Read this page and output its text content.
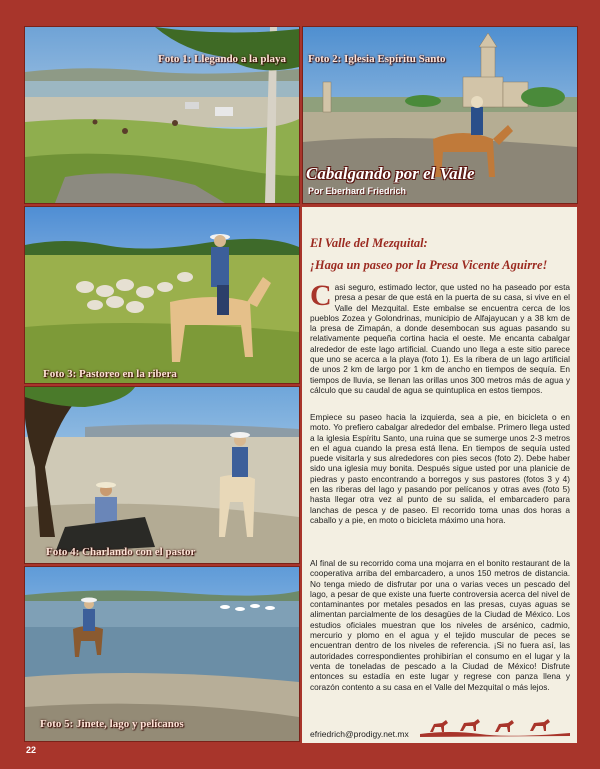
Foto 1: Llegando a la playa Foto 2: Iglesia Espíritu Santo
Cabalgando por el Valle
Por Eberhard Friedrich
Foto 3: Pastoreo en la ribera
Foto 4: Charlando con el pastor
Foto 5: Jinete, lago y pelícanos
El Valle del Mezquital:
¡Haga un paseo por la Presa Vicente Aguirre!

Casi seguro, estimado lector, que usted no ha paseado por esta presa a pesar de que está en la puerta de su casa, si vive en el Valle del Mezquital. Este embalse se encuentra cerca de los pueblos Zozea y Golondrinas, municipio de Alfajayucan y a 38 km de la presa de Zimapán, a donde desembocan sus aguas pasando su relativamente pequeña cortina hacia el oeste. Me encanta cabalgar alrededor de este lago artificial. Cuando uno llega a este sitio parece que uno se acerca a la playa (foto 1). Es la ribera de un lago artificial de unos 2 km de largo por 1 km de ancho en tiempos de sequía. En tiempos de lluvia, se llenan las orillas unos 300 metros más de agua y cálculo que su caudal de agua se quintuplica en estos tiempos.

Empiece su paseo hacia la izquierda, sea a pie, en bicicleta o en moto. Yo prefiero cabalgar alrededor del embalse. Primero llega usted a la iglesia Espíritu Santo, una ruina que se sumerge unos 2-3 metros en el agua cuando la presa está llena. En tiempos de sequía usted puede visitarla y sus alrededores con pies secos (foto 2). Debe haber sido una iglesia muy bonita. Después sigue usted por una planicie de piedras y pasto encontrando a borregos y sus pastores (fotos 3 y 4) en las riberas del lago y pasando por pelícanos y otras aves (foto 5) hasta llegar otra vez al punto de su salida, el embarcadero para lanchas de pesca y de paseo. El recorrido toma unas dos horas a caballo y a pie, en moto o bicicleta máximo una hora.

Al final de su recorrido coma una mojarra en el bonito restaurant de la cooperativa arriba del embarcadero, a unos 150 metros de distancia. No tenga miedo de disfrutar por una o varias veces un pescado del lago, a pesar de que existe una fuerte controversia acerca del nivel de contaminantes por metales pesados en las presas, cuyas aguas se alimentan parcialmente de los desagües de la Ciudad de México. Los estudios oficiales muestran que los niveles de arsénico, cadmio, mercurio y plomo en el agua y el tejido muscular de peces se encuentran dentro de los niveles de referencia. ¡Si no fuera así, las autoridades correspondientes prohibirían el consumo en el lugar y la venta de toneladas de pescado a la Ciudad de México! Disfrute entonces su estadía en este lugar y regrese con panza llena y corazón contento a su casa en el Valle del Mezquital o más lejos.

efriedrich@prodigy.net.mx
22
